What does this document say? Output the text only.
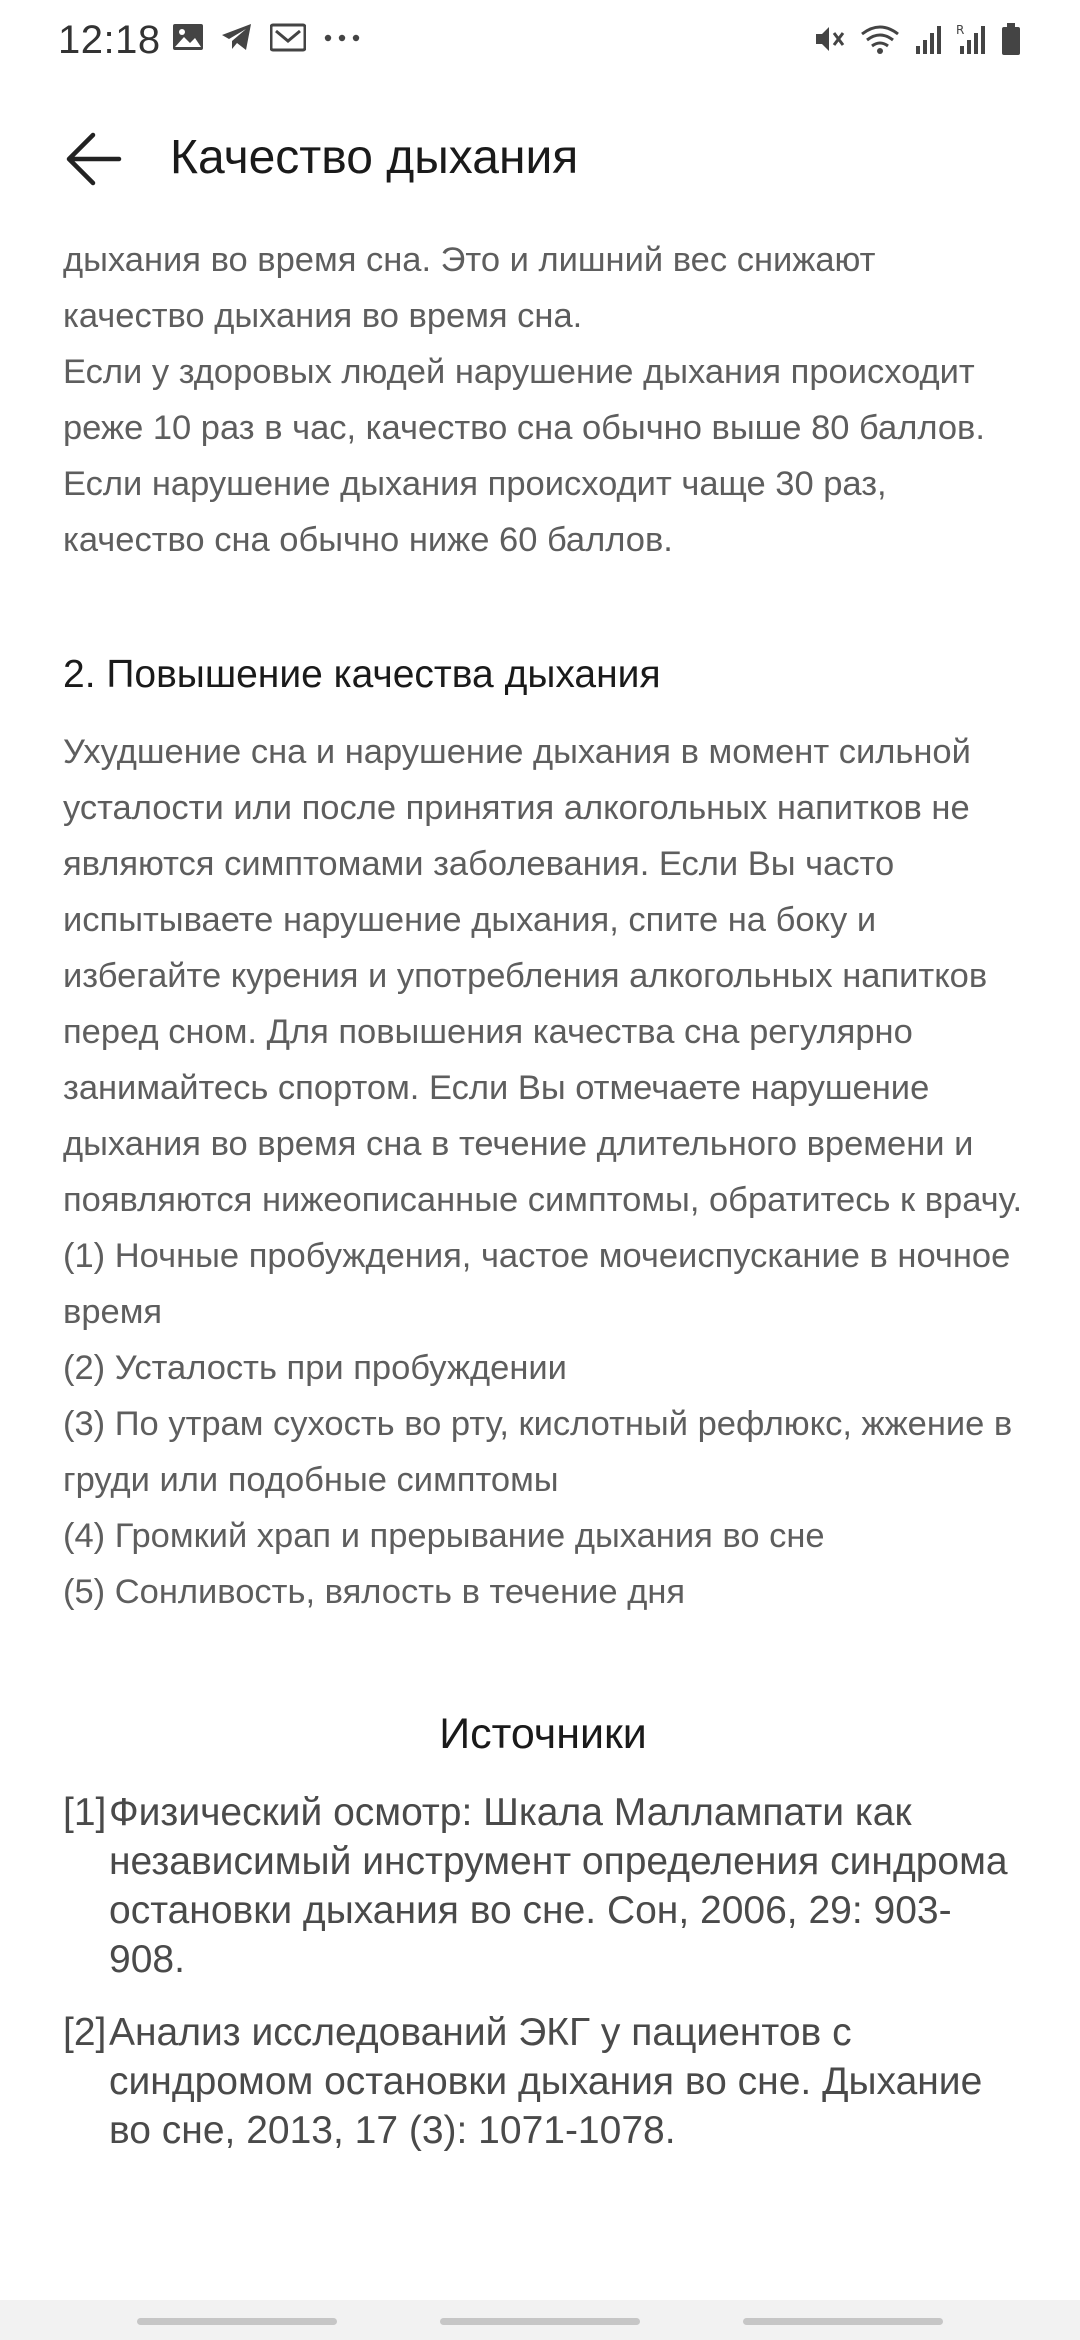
12:18	R
Качество дыхания

дыхания во время сна. Это и лишний вес снижают качество дыхания во время сна.

Если у здоровых людей нарушение дыхания происходит реже 10 раз в час, качество сна обычно выше 80 баллов. Если нарушение дыхания происходит чаще 30 раз, качество сна обычно ниже 60 баллов.

2. Повышение качества дыхания

Ухудшение сна и нарушение дыхания в момент сильной усталости или после принятия алкогольных напитков не являются симптомами заболевания. Если Вы часто испытываете нарушение дыхания, спите на боку и избегайте курения и употребления алкогольных напитков перед сном. Для повышения качества сна регулярно занимайтесь спортом. Если Вы отмечаете нарушение дыхания во время сна в течение длительного времени и появляются нижеописанные симптомы, обратитесь к врачу.

(1) Ночные пробуждения, частое мочеиспускание в ночное время

(2) Усталость при пробуждении

(3) По утрам сухость во рту, кислотный рефлюкс, жжение в груди или подобные симптомы

(4) Громкий храп и прерывание дыхания во сне

(5) Сонливость, вялость в течение дня

Источники
[1] Физический осмотр: Шкала Маллампати как независимый инструмент определения синдрома остановки дыхания во сне. Сон, 2006, 29: 903-908.
[2] Анализ исследований ЭКГ у пациентов с синдромом остановки дыхания во сне. Дыхание во сне, 2013, 17 (3): 1071-1078.
